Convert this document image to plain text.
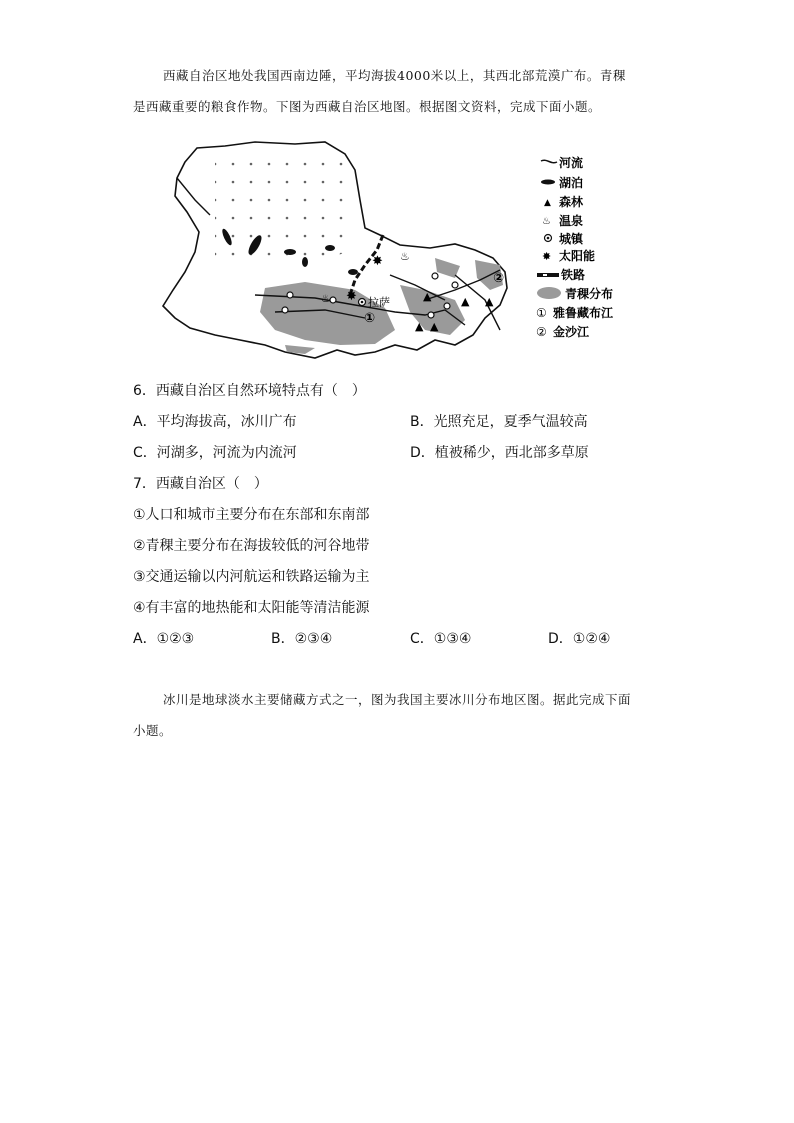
西藏自治区地处我国西南边陲，平均海拔4000米以上，其西北部荒漠广布。青稞
是西藏重要的粮食作物。下图为西藏自治区地图。根据图文资料，完成下面小题。
拉萨
✸
✸ ♨
♨	▲
▲
▲ ▲
▲
①
②
河流
湖泊
▲ 森林
♨ 温泉
城镇
✸ 太阳能
铁路
青稞分布
① 雅鲁藏布江
② 金沙江
6．西藏自治区自然环境特点有（　）
A．平均海拔高，冰川广布	B．光照充足，夏季气温较高
C．河湖多，河流为内流河	D．植被稀少，西北部多草原
7．西藏自治区（　）
①人口和城市主要分布在东部和东南部
②青稞主要分布在海拔较低的河谷地带
③交通运输以内河航运和铁路运输为主
④有丰富的地热能和太阳能等清洁能源
A．①②③	B．②③④	C．①③④	D．①②④
冰川是地球淡水主要储藏方式之一，图为我国主要冰川分布地区图。据此完成下面
小题。
